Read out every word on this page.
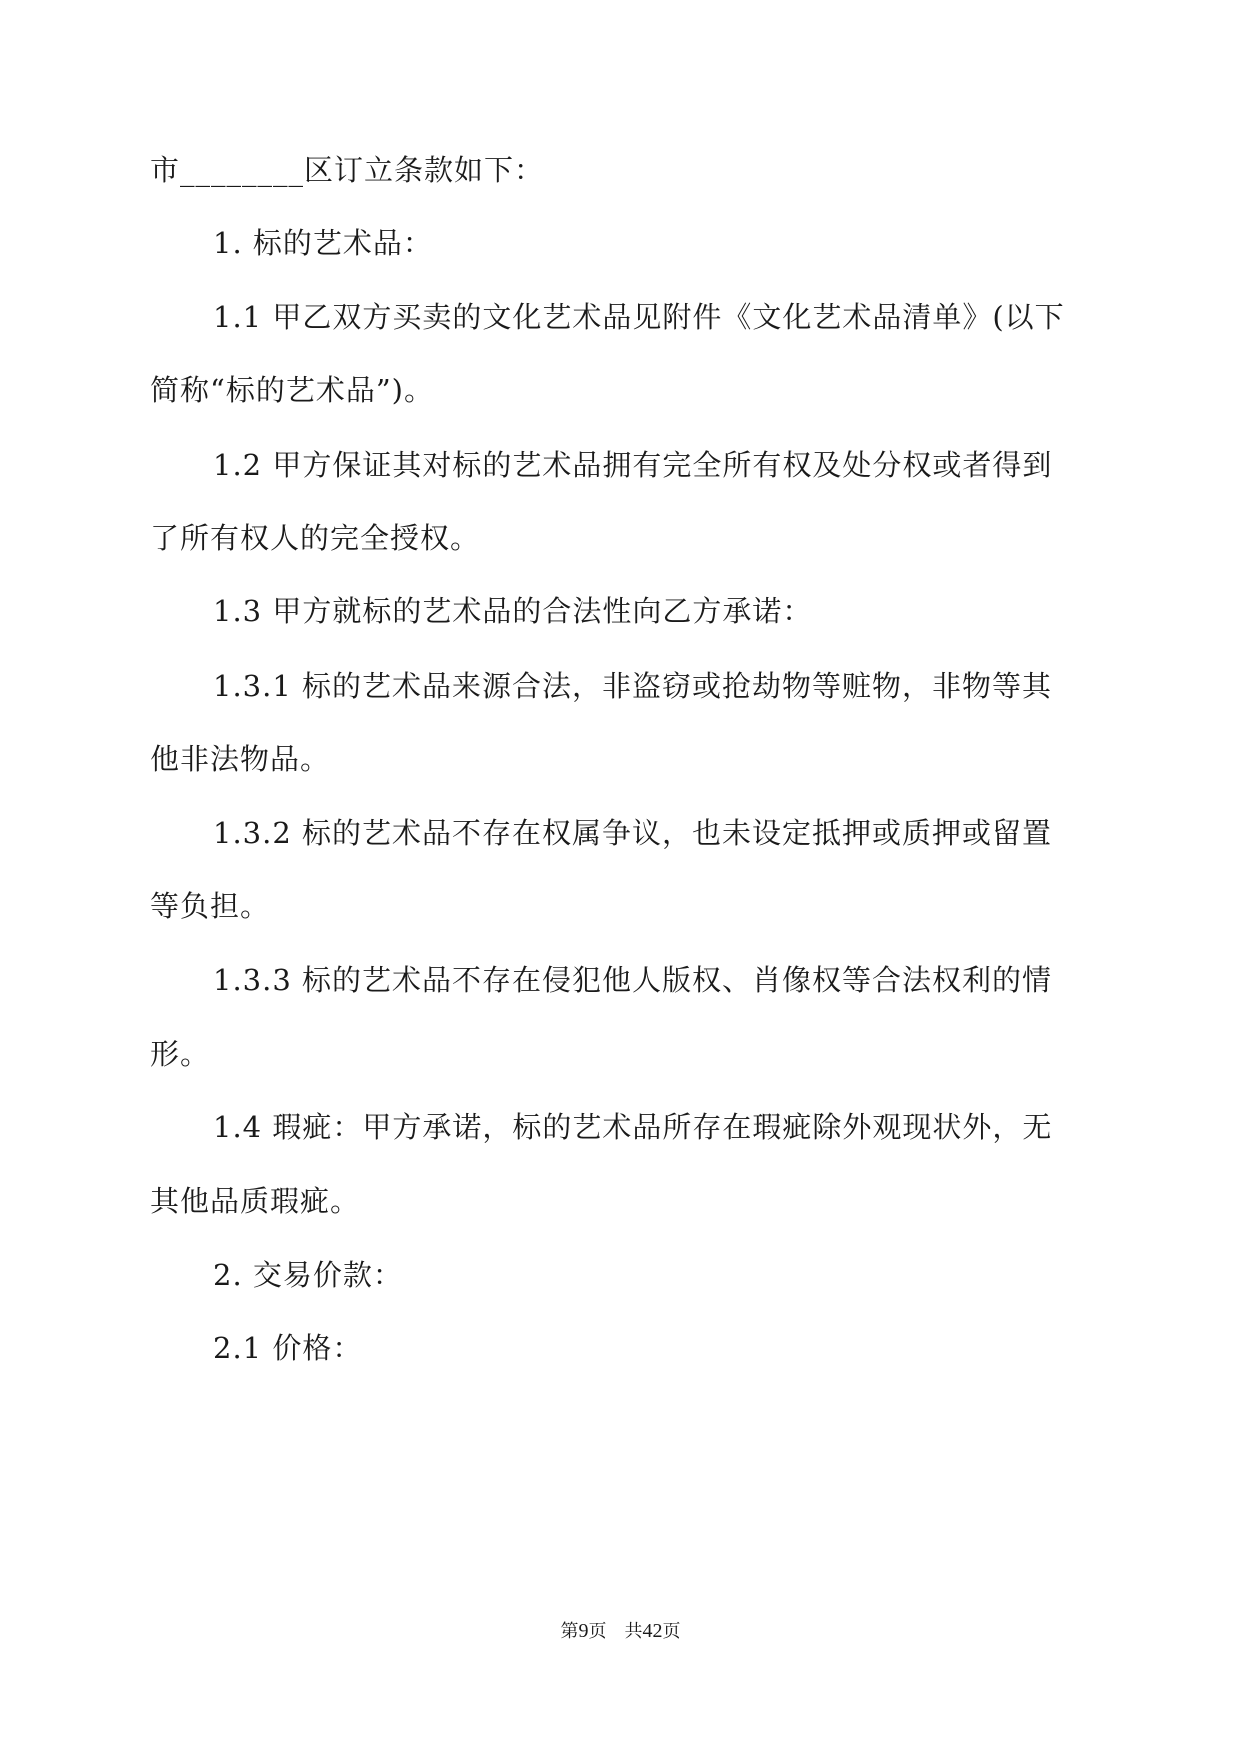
市________区订立条款如下：
1. 标的艺术品：
1.1 甲乙双方买卖的文化艺术品见附件《文化艺术品清单》(以下
简称“标的艺术品”)。
1.2 甲方保证其对标的艺术品拥有完全所有权及处分权或者得到
了所有权人的完全授权。
1.3 甲方就标的艺术品的合法性向乙方承诺：
1.3.1 标的艺术品来源合法，非盗窃或抢劫物等赃物，非物等其
他非法物品。
1.3.2 标的艺术品不存在权属争议，也未设定抵押或质押或留置
等负担。
1.3.3 标的艺术品不存在侵犯他人版权、肖像权等合法权利的情
形。
1.4 瑕疵：甲方承诺，标的艺术品所存在瑕疵除外观现状外，无
其他品质瑕疵。
2. 交易价款：
2.1 价格：
第9页　共42页
